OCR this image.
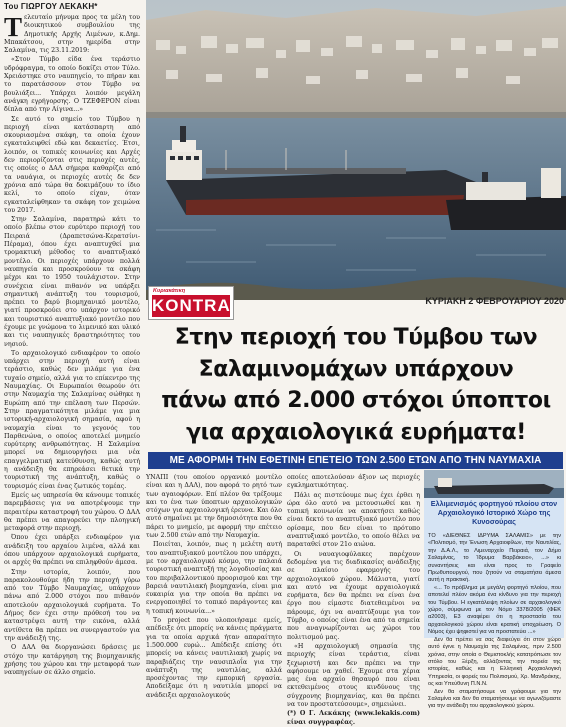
Του ΓΙΩΡΓΟΥ ΛΕΚΑΚΗ*

Τελευταίο μήνυμα προς τα μέλη του διοικητικού συμβουλίου της Δημοτικής Αρχής Λιμένων, κ.Δημ. Μπακάτσου, στην ημερίδα στην Σαλαμίνα, τις 23.11.2019:

«Στον Τύμβο είδα ένα τεράστιο υδρόφραγμα, το οποίο δοκίζει στον Τύλο. Χρειάστηκε στο ναυπηγείο, το πήραν και το παρατάσσουν στον Τύμβο να βουλιάξει... Υπάρχει λοιπόν μεγάλη ανάγκη εγρήγορσης. Ο ΤΖΕΦΕΡΟΝ είναι δίπλα από την Αίγινα...»

Σε αυτό το σημείο του Τύμβου η περιοχή είναι κατάσπαρτη από σκουριασμένα σκάφη, τα οποία έχουν εγκαταλειφθεί εδώ και δεκαετίες. Έτσι, λοιπόν, οι τοπικές κοινωνίες και Αρχές δεν περιορίζονται στις περιοχές αυτές, τις οποίες ο ΔΑΛ σήμερα καθαρίζει από τα ναυάγια, οι περιοχές αυτές δε δεν χρόνια από τώρα θα δοκιμάζουν το ίδιο κελί, το οποίο είχαν, όταν εγκαταλείφθηκαν τα σκάφη τον χειμώνα του 2017.

Στην Σαλαμίνα, παρατηρώ κάτι το οποίο βλέπω στον ευρύτερο περιοχή του Πειραιά (Δραπετσώνα-Κερατσίνι-Πέραμα), όπου έχει αναπτυχθεί μια τρομακτική μέθοδος το αναπτυξιακό μοντέλο. Οι περιοχές υπάρχουν πολλά ναυπηγεία και προσκρούουν τα σκάφη μέχρι και το 1950 τουλάχιστον. Στην συνέχεια είναι πιθανόν να υπάρξει σημαντική ανάπτυξη του τουρισμού, πρέπει το βαρύ βιομηχανικό μοντέλο, γιατί προσκρούει στο υπάρχον ιστορικό και τουριστικό αναπτυξιακό μοντέλο που έχουμε με γνώμονα το λιμενικό και υλικό και τις ναυπηγικές δραστηριότητες του νησιού.

Το αρχαιολογικό ενδιαφέρον το οποίο υπάρχει στην περιοχή αυτή είναι τεράστιο, καθώς δεν μιλάμε για ένα τυχαίο σημείο, αλλά για το επίκεντρο της Ναυμαχίας. Οι Ευρωπαίοι θεωρούν ότι στην Ναυμαχία της Σαλαμίνας σώθηκε η Ευρώπη από την επέλαση των Περσών. Στην πραγματικότητα μιλάμε για μια ιστορική-αρχαιολογική σημασία, αφού η ναυμαχία είναι το γεγονός του Παρθενώνα, ο οποίος αποτελεί μνημείο ευρύτερης ανθρωπότητας. Η Σαλαμίνα μπορεί να δημιουργήσει μια νέα επαγγελματική κατεύθυνση, καθώς αυτή η ανάδειξη θα επηρεάσει θετικά την τουριστική της ανάπτυξη, καθώς ο τουρισμός είναι ένας ζωτικός τομέας.

Εμείς ως υπηρεσία θα κάνουμε τοπικές παρεμβάσεις για να αποτρέψουμε την περαιτέρω καταστροφή του χώρου. Ο ΔΑΛ θα πρέπει να απαγορεύει την πλοηγική μεταφορά στην περιοχή.

Όπου έχει υπάρξει ενδιαφέρον για ανάδειξη του αρχαίου λιμένα, αλλά και όπου υπάρχουν αρχαιολογικά ευρήματα, οι αρχές θα πρέπει να επιληφθούν άμεσα.

Στην ιστορία, λοιπόν, που παρακολουθούμε ήδη την περιοχή γύρω από τον Τύμβο Ναυμαχίας, υπάρχουν πάνω από 2.000 στόχοι που πιθανόν αποτελούν αρχαιολογικά ευρήματα. Το Δήμος δεν έχει στην πρόθεσή του να καταστρέψει αυτή την εικόνα, αλλά αντίθετα θα πρέπει να συνεργαστούν για την ανάδειξή της.

Ο ΔΑΛ θα διοργανώσει δράσεις με στόχο την κατάργηση της βιομηχανικής χρήσης του χώρου και την μεταφορά των ναυπηγείων σε άλλο σημείο.

Κυριακάτικη
KONTRA	ΚΥΡΙΑΚΗ 2 ΦΕΒΡΟΥΑΡΙΟΥ 2020
Στην περιοχή του Τύμβου των
Σαλαμινομάχων υπάρχουν
πάνω από 2.000 στόχοι ύποπτοι
για αρχαιολογικά ευρήματα!
ΜΕ ΑΦΟΡΜΗ ΤΗΝ ΕΦΕΤΙΝΗ ΕΠΕΤΕΙΟ ΤΩΝ 2.500 ΕΤΩΝ ΑΠΟ ΤΗΝ ΝΑΥΜΑΧΙΑ

ΥΝΑΠΙ (του οποίου οργανικό μοντέλο είναι και η ΔΑΛ), που αφορά το ρητό των των αγαιοφόρων. Επί πλέον θα τρέξουμε και το ένα των ύποπτων αρχαιολογικών στόχων για αρχαιολογική έρευνα. Και όλο αυτό σημαίνει με την δημοσιότητα που θα πάρει το μνημείο, με αφορμή την επέτειο των 2.500 ετών από την Ναυμαχία.

Ποιείται, λοιπόν, πως η μελέτη αυτή του αναπτυξιακού μοντέλου που υπάρχει, με τον αρχαιολογικό κόσμο, την παλαιά τουριστική αναπτυξή της λογοδιοσίας και του περιβαλλοντικού προορισμού και την βαρειά ναυτιλιακή βιομηχανία, είναι μια ευκαιρία για την οποία θα πρέπει να ενεργοποιηθεί το τοπικό παράγοντες και η τοπική κοινωνία...»

Το project που υλοποιήσαμε εμείς, απέδειξε ότι μπορείς να κάνεις πράγματα για τα οποία αρχικά ήταν απαραίτητο 1.500.000 ευρώ... Απέδειξε επίσης ότι μπορείς να κάνεις ναυτιλιακή χωρίς να παραβιάζεις την ναυσιπλοΐα για την ανάπτυξη της ναυτιλίας, αλλά προσέχοντας την εμπορική εργασία. Αποδείξαμε ότι η ναυτιλία μπορεί να ανάδειξει αρχαιολογικούς

οποίες αποτελούσαν άξιον ως περιοχές εγκληματικότητας.

Πάλι ας πιστεύουμε πως έχει έρθει η ώρα όλο αυτό να μετουσιωθεί και η τοπική κοινωνία να αποκτήσει καθώς είναι δεκτό το αναπτυξιακό μοντέλο που ορίσαμε, που δεν είναι το πρότυπο αναπτυξιακό μοντέλο, το οποίο θέλει να παραταθεί στον 21ο αιώνα.

Οι ναυαγιοφύλακες παρέχουν δεδομένα για τις διαδικασίες ανάδειξης σε πλαίσιο εφαρμογής του αρχαιολογικού χώρου. Μάλιστα, γιατί και αυτό να έχουμε αρχαιολογικά ευρήματα, δεν θα πρέπει να είναι ένα έργο που είμαστε διατεθειμένοι να πάρουμε, όχι να αναπτύξουμε για τον Τύμβο, ο οποίος είναι ένα από τα σημεία που αναγνωρίζονται ως χώροι του πολιτισμού μας.

«Η αρχαιολογική σημασία της περιοχής είναι τεράστια, είναι ξεχωριστή και δεν πρέπει να την αφήσουμε να χαθεί. Έχουμε στα χέρια μας ένα αρχαίο θησαυρό που είναι εκτεθειμένος στους κινδύνους της σύγχρονης βιομηχανίας, και θα πρέπει να τον προστατεύσουμε», σημειώνει.

(*) Ο Γ. Λεκάκης (www.lekakis.com) είναι συγγραφέας.

Ελλιμενισμός φορτηγού πλοίου στον Αρχαιολογικό Ιστορικό Χώρο της Κυνοσούρας

ΤΟ «ΔΙΕΘΝΕΣ ΙΔΡΥΜΑ ΣΑΛΑΜΙΣ» με την «Πολιτισμό, την Ένωση Αρχαιοφίλων, την Ναυτιλίας, την Δ.Α.Λ., το Λιμεναρχείο Πειραιά, τον Δήμο Σαλαμίνας, το Ίδρυμα Βαρβάκειο», ...» κι συναντήσεις και είναι προς το Γραφείο Πρωθυπουργού, που ζητούν να σταματήσει άμεσα αυτή η πρακτική.

«... Το πρόβλημα με μεγάλη φορτηγό πλοίου, που αποτελεί πλέον ακόμα ένα κίνδυνο για την περιοχή του Τύμβου. Η εγκατάλειψη πλοίων σε αρχαιολογικό χώρο, σύμφωνα με τον Νόμο 3378/2005 (ΦΕΚ α2003), Ε3 αναφέρει ότι η προστασία του αρχαιολογικού χώρου είναι κρατική υποχρέωση. Ο Νόμος έχει ψηφιστεί για να προστατεύει ...»

Δεν θα πρέπει να σας διαφεύγει ότι στον χώρο αυτό έγινε η Ναυμαχία της Σαλαμίνας, πριν 2.500 χρόνια, στην οποία ο Θεμιστοκλής κατατρόπωσε τον στόλο του Ξέρξη, αλλάζοντας την πορεία της ιστορίας, καθώς και η Ελληνική Αρχαιολογική Υπηρεσία, οι φορείς του Πολιτισμού, Χρ. Μανδράκης, ος και Υπεύθυνη Π.Ν.Ν.

Δεν θα σταματήσουμε να γράφουμε για την Σαλαμίνα και δεν θα σταματήσουμε να αγωνιζόμαστε για την ανάδειξη του αρχαιολογικού χώρου.
